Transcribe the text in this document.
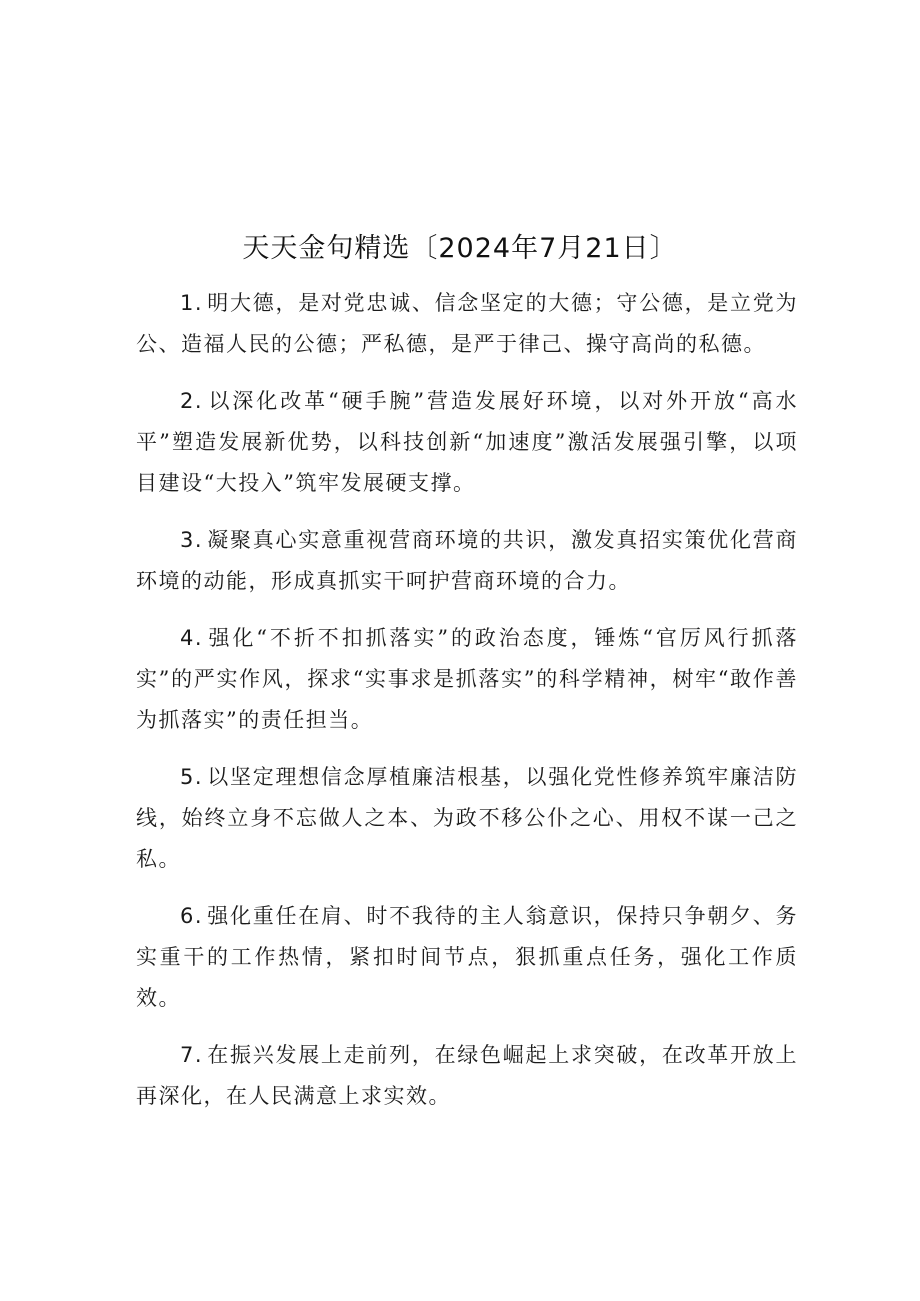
天天金句精选〔2024年7月21日〕

1. 明大德，是对党忠诚、信念坚定的大德；守公德，是立党为公、造福人民的公德；严私德，是严于律己、操守高尚的私德。

2. 以深化改革“硬手腕”营造发展好环境，以对外开放“高水平”塑造发展新优势，以科技创新“加速度”激活发展强引擎，以项目建设“大投入”筑牢发展硬支撑。

3. 凝聚真心实意重视营商环境的共识，激发真招实策优化营商环境的动能，形成真抓实干呵护营商环境的合力。

4. 强化“不折不扣抓落实”的政治态度，锤炼“官厉风行抓落实”的严实作风，探求“实事求是抓落实”的科学精神，树牢“敢作善为抓落实”的责任担当。

5. 以坚定理想信念厚植廉洁根基，以强化党性修养筑牢廉洁防线，始终立身不忘做人之本、为政不移公仆之心、用权不谋一己之私。

6. 强化重任在肩、时不我待的主人翁意识，保持只争朝夕、务实重干的工作热情，紧扣时间节点，狠抓重点任务，强化工作质效。

7. 在振兴发展上走前列，在绿色崛起上求突破，在改革开放上再深化，在人民满意上求实效。
